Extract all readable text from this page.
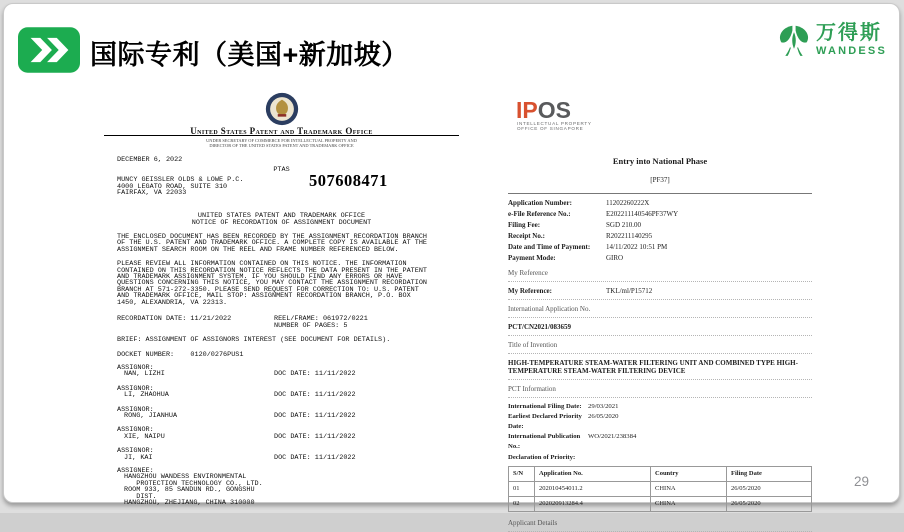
国际专利（美国+新加坡）
万得斯
WANDESS
United States Patent and Trademark Office
UNDER SECRETARY OF COMMERCE FOR INTELLECTUAL PROPERTY AND
DIRECTOR OF THE UNITED STATES PATENT AND TRADEMARK OFFICE
DECEMBER 6, 2022
PTAS
MUNCY GEISSLER OLDS & LOWE P.C.
4000 LEGATO ROAD, SUITE 310
FAIRFAX, VA 22033
507608471
UNITED STATES PATENT AND TRADEMARK OFFICE
NOTICE OF RECORDATION OF ASSIGNMENT DOCUMENT

THE ENCLOSED DOCUMENT HAS BEEN RECORDED BY THE ASSIGNMENT RECORDATION BRANCH OF THE U.S. PATENT AND TRADEMARK OFFICE. A COMPLETE COPY IS AVAILABLE AT THE ASSIGNMENT SEARCH ROOM ON THE REEL AND FRAME NUMBER REFERENCED BELOW.

PLEASE REVIEW ALL INFORMATION CONTAINED ON THIS NOTICE. THE INFORMATION CONTAINED ON THIS RECORDATION NOTICE REFLECTS THE DATA PRESENT IN THE PATENT AND TRADEMARK ASSIGNMENT SYSTEM. IF YOU SHOULD FIND ANY ERRORS OR HAVE QUESTIONS CONCERNING THIS NOTICE, YOU MAY CONTACT THE ASSIGNMENT RECORDATION BRANCH AT 571-272-3350. PLEASE SEND REQUEST FOR CORRECTION TO: U.S. PATENT AND TRADEMARK OFFICE, MAIL STOP: ASSIGNMENT RECORDATION BRANCH, P.O. BOX 1450, ALEXANDRIA, VA 22313.

RECORDATION DATE: 11/21/2022	REEL/FRAME: 061972/0221
NUMBER OF PAGES: 5
BRIEF: ASSIGNMENT OF ASSIGNORS INTEREST (SEE DOCUMENT FOR DETAILS).
DOCKET NUMBER:    0120/0276PUS1
ASSIGNOR:
NAN, LIZHI	DOC DATE: 11/11/2022
ASSIGNOR:
LI, ZHAOHUA	DOC DATE: 11/11/2022
ASSIGNOR:
RONG, JIANHUA	DOC DATE: 11/11/2022
ASSIGNOR:
XIE, NAIPU	DOC DATE: 11/11/2022
ASSIGNOR:
JI, KAI	DOC DATE: 11/11/2022
ASSIGNEE:
HANGZHOU WANDESS ENVIRONMENTAL
PROTECTION TECHNOLOGY CO., LTD.
ROOM 933, 85 SANDUN RD., GONGSHU
DIST.
HANGZHOU, ZHEJIANG, CHINA 310000
IPOS
INTELLECTUAL PROPERTY
OFFICE OF SINGAPORE
Entry into National Phase
[PF37]
Application Number:	11202260222X
e-File Reference No.:	E202211140546PF37WY
Filing Fee:	SGD 210.00
Receipt No.:	R202211140295
Date and Time of Payment:	14/11/2022 10:51 PM
Payment Mode:	GIRO
My Reference
My Reference:	TKL/ml/P15712
International Application No.
PCT/CN2021/083659
Title of Invention
HIGH-TEMPERATURE STEAM-WATER FILTERING UNIT AND COMBINED TYPE HIGH-TEMPERATURE STEAM-WATER FILTERING DEVICE
PCT Information
International Filing Date: 29/03/2021
Earliest Declared Priority Date:
26/05/2020
International Publication No.:
WO/2021/238384
Declaration of Priority:
S/N	Application No.	Country	Filing Date
01	202010454011.2	CHINA	26/05/2020
02	202020913284.4	CHINA	26/05/2020
Applicant Details
29
